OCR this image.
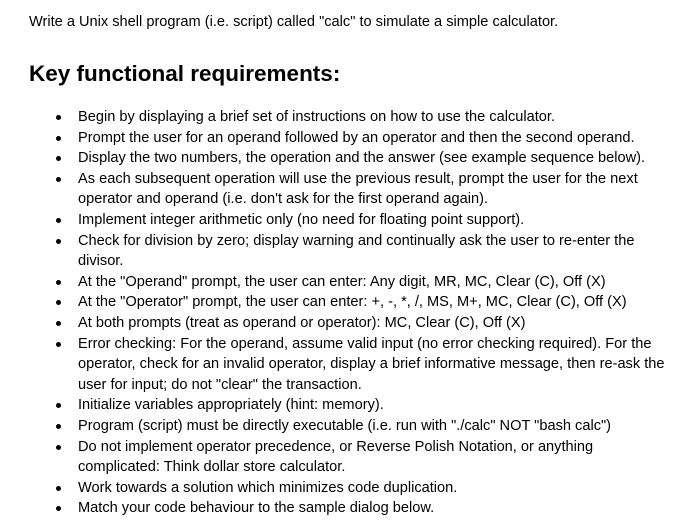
Write a Unix shell program (i.e. script) called "calc" to simulate a simple calculator.
Key functional requirements:
Begin by displaying a brief set of instructions on how to use the calculator.
Prompt the user for an operand followed by an operator and then the second operand.
Display the two numbers, the operation and the answer (see example sequence below).
As each subsequent operation will use the previous result, prompt the user for the next operator and operand (i.e. don't ask for the first operand again).
Implement integer arithmetic only (no need for floating point support).
Check for division by zero; display warning and continually ask the user to re-enter the divisor.
At the "Operand" prompt, the user can enter: Any digit, MR, MC, Clear (C), Off (X)
At the "Operator" prompt, the user can enter: +, -, *, /, MS, M+, MC, Clear (C), Off (X)
At both prompts (treat as operand or operator): MC, Clear (C), Off (X)
Error checking: For the operand, assume valid input (no error checking required). For the operator, check for an invalid operator, display a brief informative message, then re-ask the user for input; do not "clear" the transaction.
Initialize variables appropriately (hint: memory).
Program (script) must be directly executable (i.e. run with "./calc" NOT "bash calc")
Do not implement operator precedence, or Reverse Polish Notation, or anything complicated: Think dollar store calculator.
Work towards a solution which minimizes code duplication.
Match your code behaviour to the sample dialog below.
